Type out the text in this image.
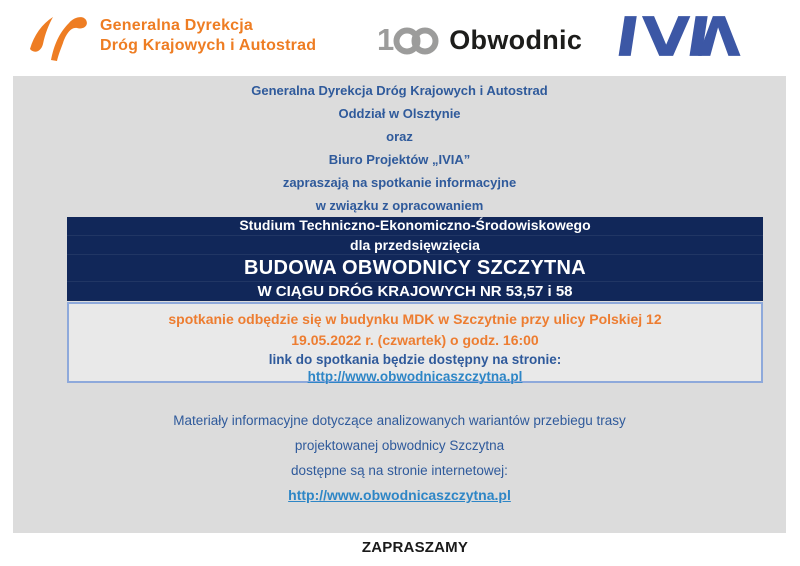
Generalna Dyrekcja
Dróg Krajowych i Autostrad 1 Obwodnic
Generalna Dyrekcja Dróg Krajowych i Autostrad
Oddział w Olsztynie
oraz
Biuro Projektów „IVIA”
zapraszają na spotkanie informacyjne
w związku z opracowaniem
Studium Techniczno-Ekonomiczno-Środowiskowego
dla przedsięwzięcia
BUDOWA OBWODNICY SZCZYTNA
W CIĄGU DRÓG KRAJOWYCH NR 53,57 i 58
spotkanie odbędzie się w budynku MDK w Szczytnie przy ulicy Polskiej 12
19.05.2022 r. (czwartek) o godz. 16:00
link do spotkania będzie dostępny na stronie:
http://www.obwodnicaszczytna.pl
Materiały informacyjne dotyczące analizowanych wariantów przebiegu trasy
projektowanej obwodnicy Szczytna
dostępne są na stronie internetowej:
http://www.obwodnicaszczytna.pl
ZAPRASZAMY
